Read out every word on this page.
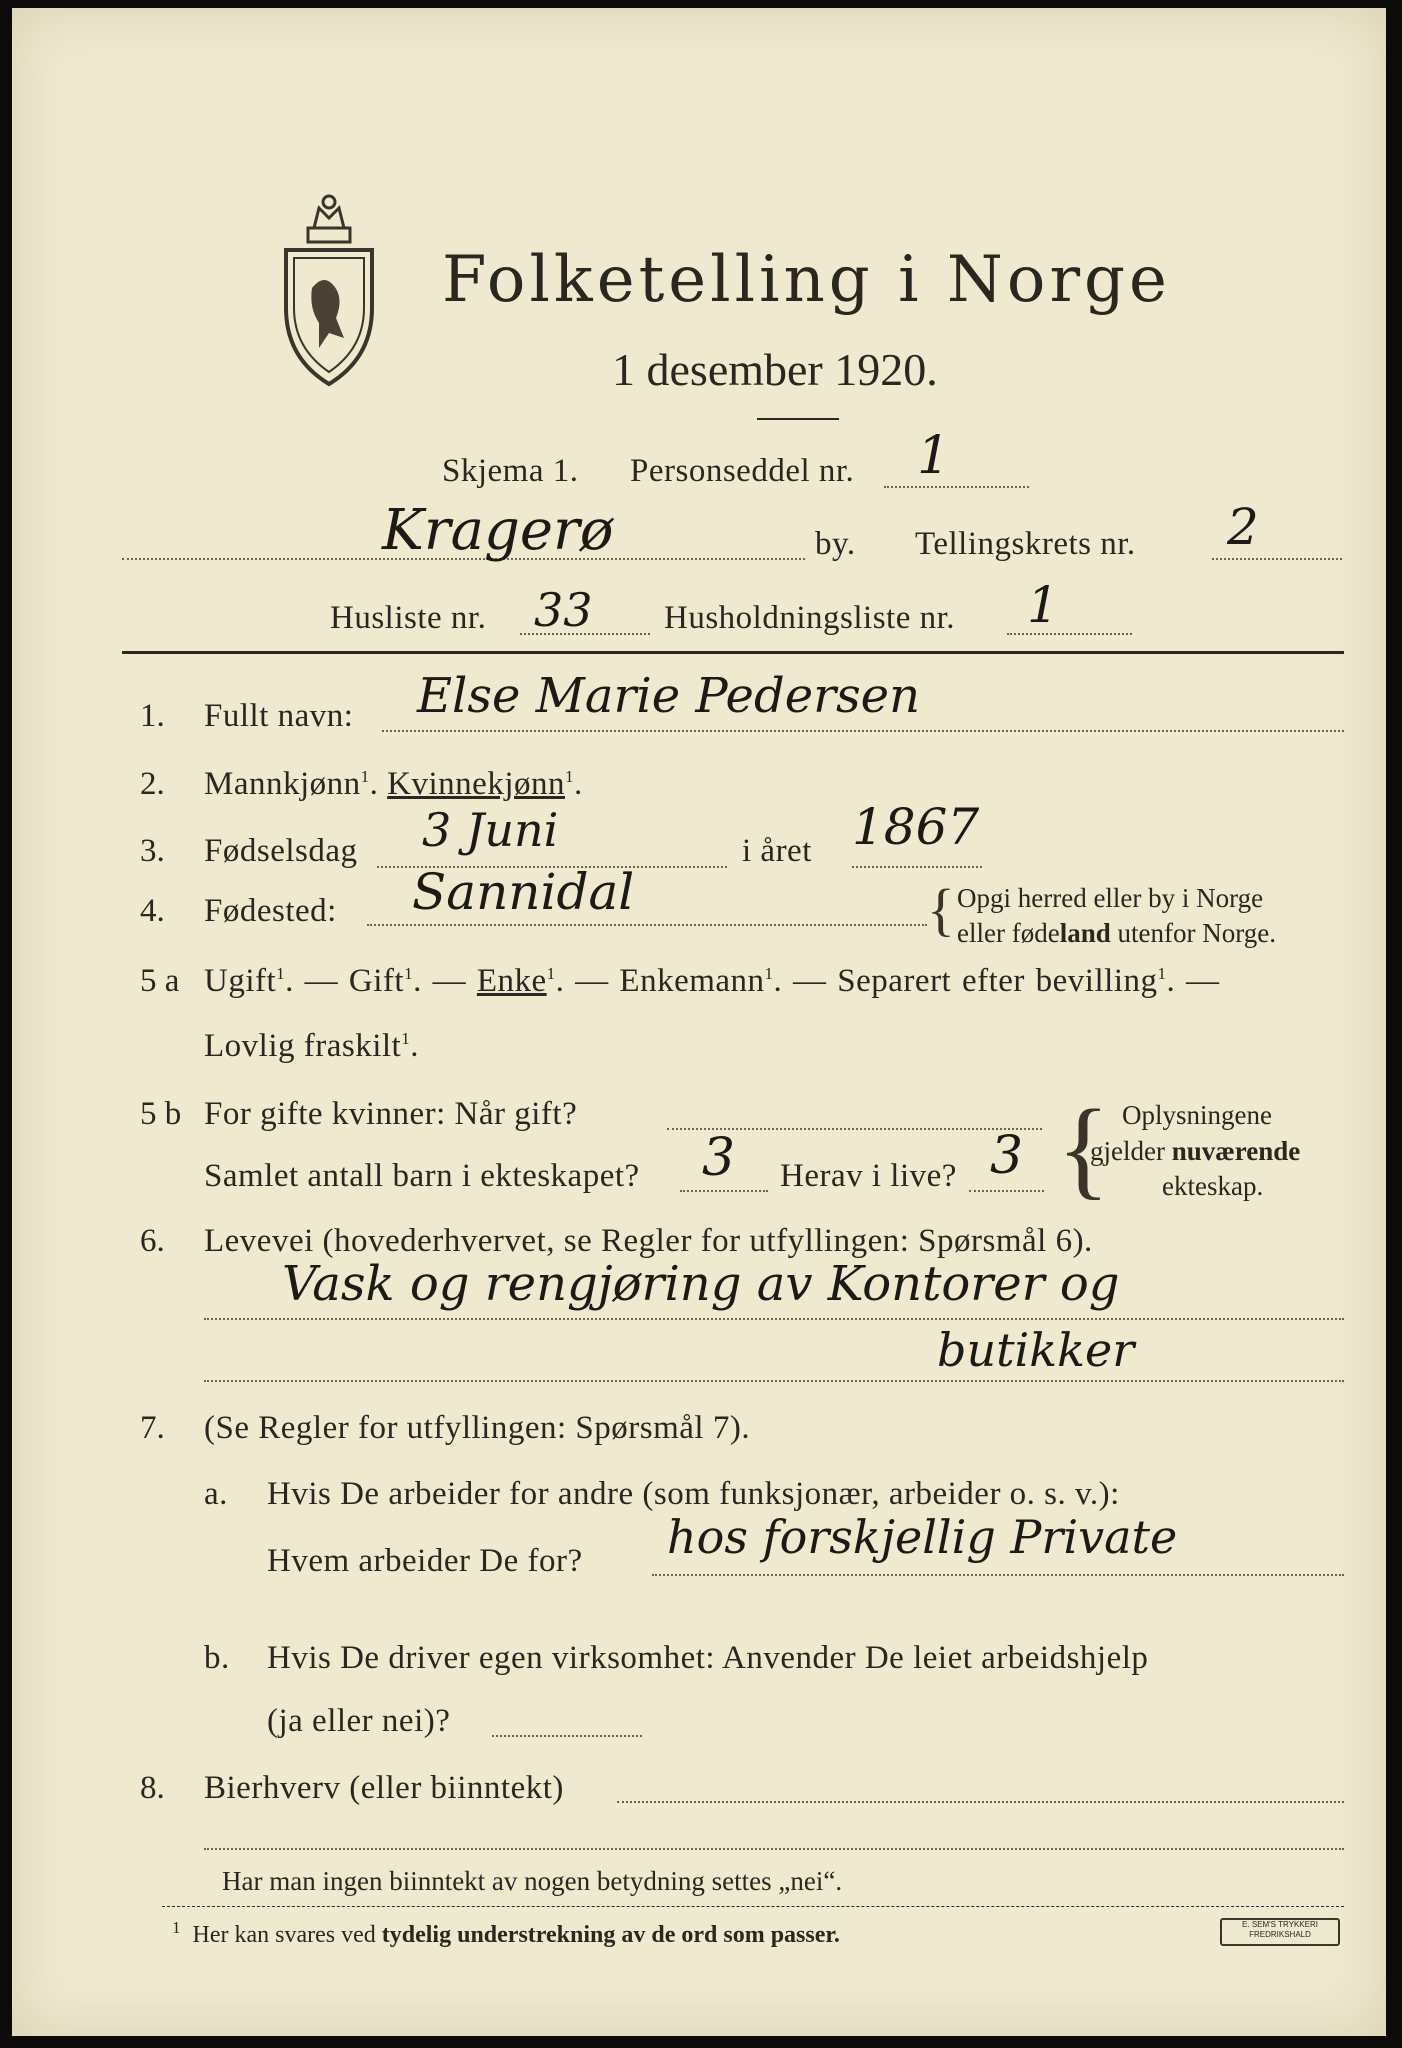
Folketelling i Norge
1 desember 1920.
Skjema 1. Personseddel nr. 1
Kragerø	by. Tellingskrets nr. 2
Husliste nr. 33 Husholdningsliste nr. 1
1. Fullt navn: Else Marie Pedersen
2. Mannkjønn$^1$. Kvinnekjønn$^1$.
3. Fødselsdag 3 Juni	i året 1867
4. Fødested: Sannidal	{ Opgi herred eller by i Norge
eller fødeland utenfor Norge.
5 a Ugift$^1$. — Gift$^1$. — Enke$^1$. — Enkemann$^1$. — Separert efter bevilling$^1$. —
Lovlig fraskilt$^1$.
5 b For gifte kvinner: Når gift?
Samlet antall barn i ekteskapet? 3 Herav i live? 3 { Oplysningene
gjelder nuværende
ekteskap.
6. Levevei (hovederhvervet, se Regler for utfyllingen: Spørsmål 6).
Vask og rengjøring av Kontorer og
butikker
7. (Se Regler for utfyllingen: Spørsmål 7).
a. Hvis De arbeider for andre (som funksjonær, arbeider o. s. v.):
Hvem arbeider De for? hos forskjellig Private
b. Hvis De driver egen virksomhet: Anvender De leiet arbeidshjelp
(ja eller nei)?
8. Bierhverv (eller biinntekt)
Har man ingen biinntekt av nogen betydning settes „nei“.
$^1$ Her kan svares ved tydelig understrekning av de ord som passer.	E. SEM'S TRYKKERI
FREDRIKSHALD
